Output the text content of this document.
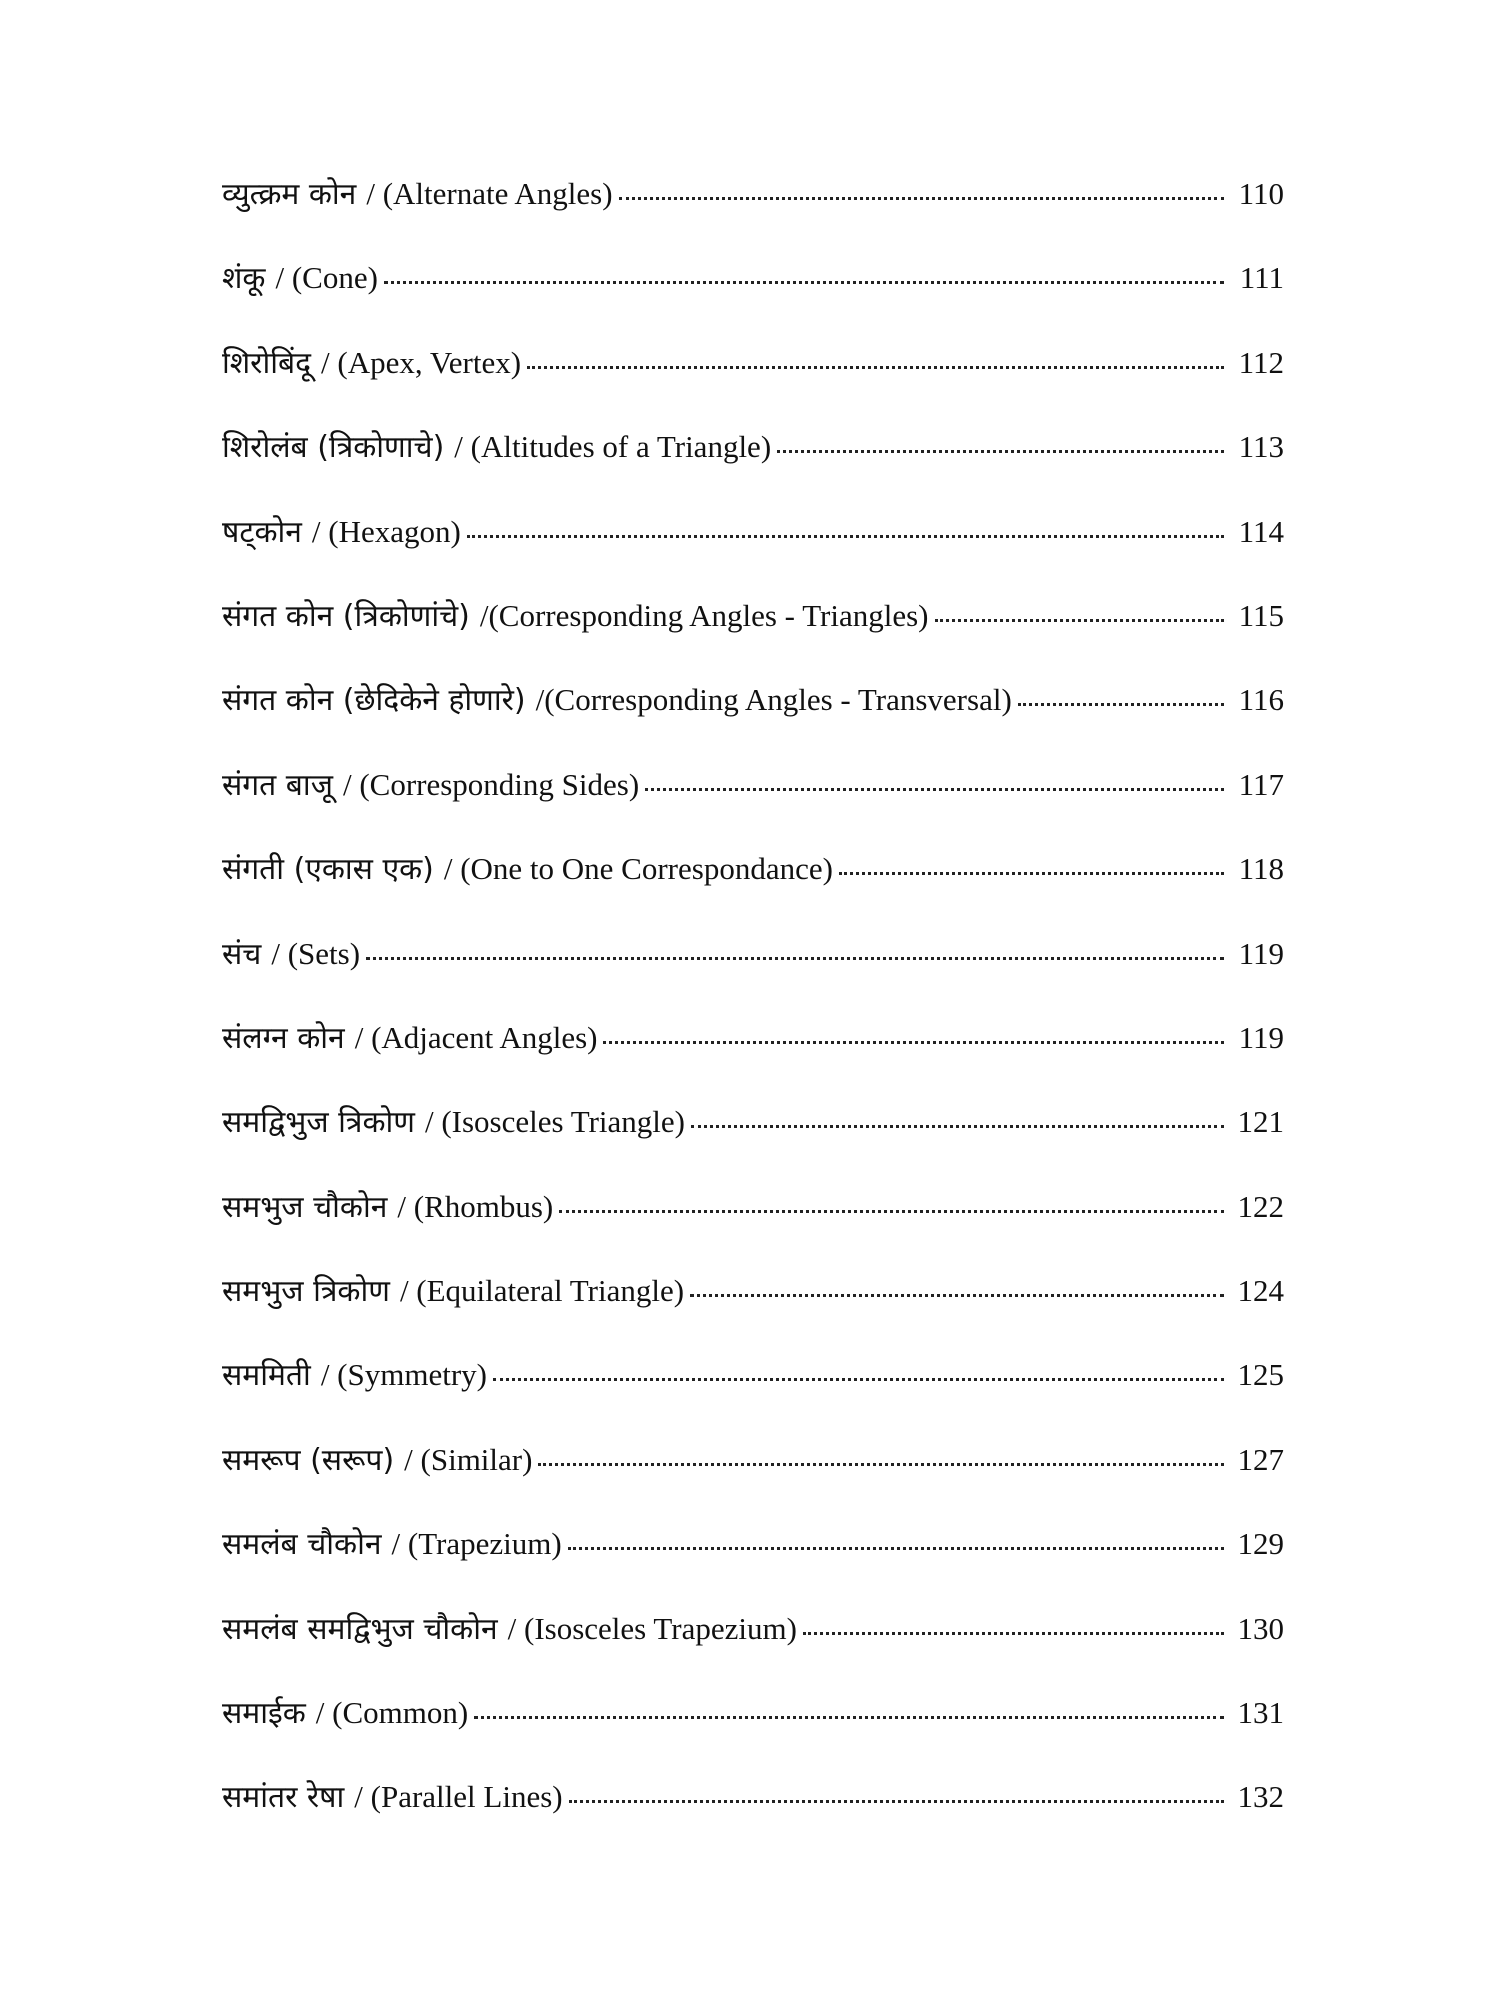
व्युत्क्रम कोन / (Alternate Angles)	110
शंकू / (Cone)	111
शिरोबिंदू / (Apex, Vertex)	112
शिरोलंब (त्रिकोणाचे) / (Altitudes of a Triangle)	113
षट्‌कोन / (Hexagon)	114
संगत कोन (त्रिकोणांचे) /(Corresponding Angles - Triangles)	115
संगत कोन (छेदिकेने होणारे) /(Corresponding Angles - Transversal)	116
संगत बाजू / (Corresponding Sides)	117
संगती (एकास एक) / (One to One Correspondance)	118
संच / (Sets)	119
संलग्न कोन / (Adjacent Angles)	119
समद्विभुज त्रिकोण / (Isosceles Triangle)	121
समभुज चौकोन / (Rhombus)	122
समभुज त्रिकोण / (Equilateral Triangle)	124
सममिती / (Symmetry)	125
समरूप (सरूप) / (Similar)	127
समलंब चौकोन / (Trapezium)	129
समलंब समद्विभुज चौकोन / (Isosceles Trapezium)	130
समाईक / (Common)	131
समांतर रेषा / (Parallel Lines)	132
